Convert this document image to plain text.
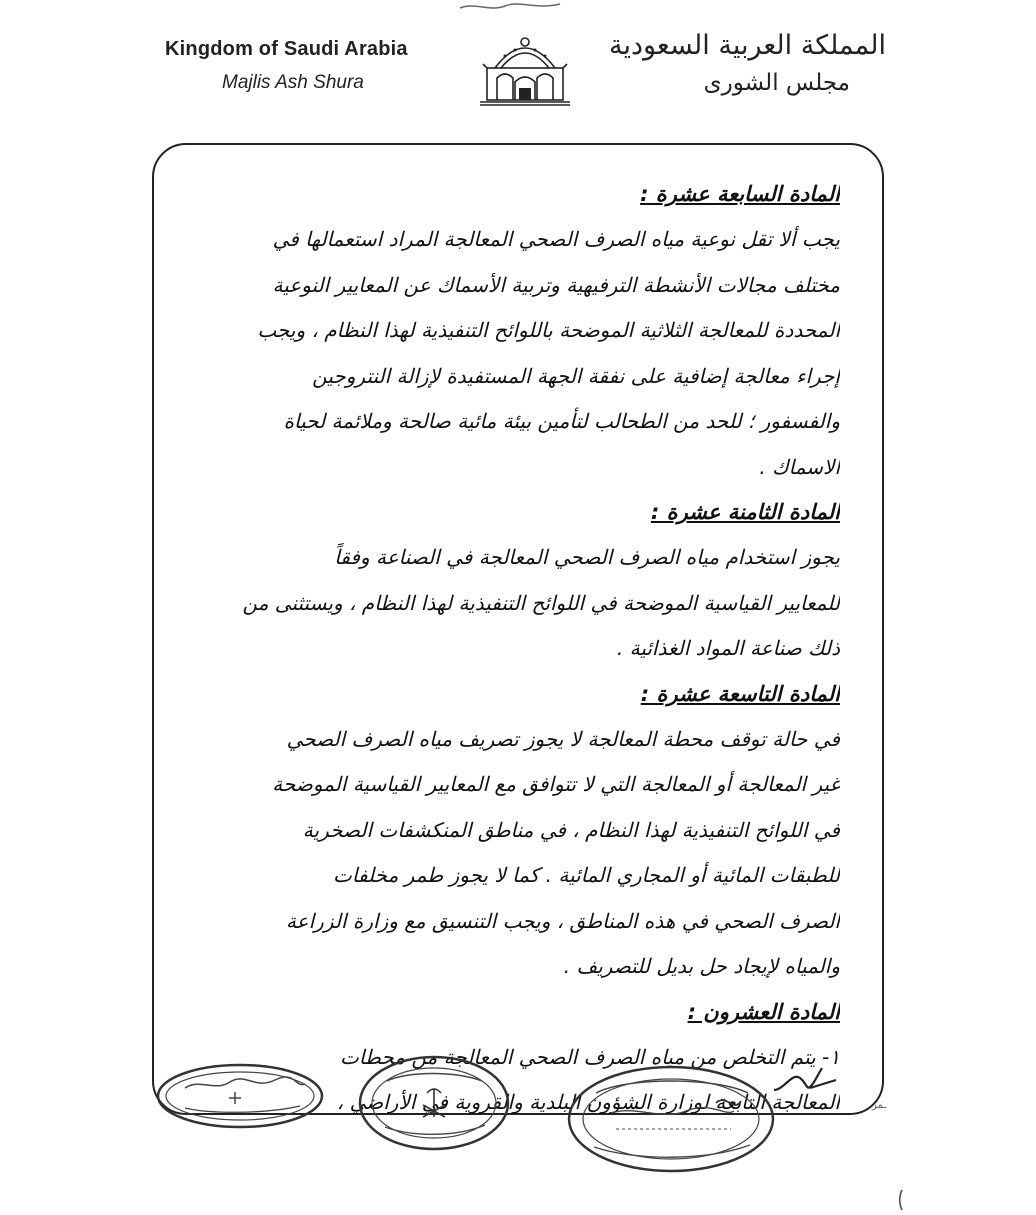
Kingdom of Saudi Arabia
Majlis Ash Shura
المملكة العربية السعودية
مجلس الشورى
المادة السابعة عشرة :
يجب ألا تقل نوعية مياه الصرف الصحي المعالجة المراد استعمالها في
مختلف مجالات الأنشطة الترفيهية وتربية الأسماك عن المعايير النوعية
المحددة للمعالجة الثلاثية الموضحة باللوائح التنفيذية لهذا النظام ، ويجب
إجراء معالجة إضافية على نفقة الجهة المستفيدة لإزالة النتروجين
والفسفور ؛ للحد من الطحالب لتأمين بيئة مائية صالحة وملائمة لحياة
الاسماك .
المادة الثامنة عشرة :
يجوز استخدام مياه الصرف الصحي المعالجة في الصناعة وفقاً
للمعايير القياسية الموضحة في اللوائح التنفيذية لهذا النظام ، ويستثنى من
ذلك صناعة المواد الغذائية .
المادة التاسعة عشرة :
في حالة توقف محطة المعالجة لا يجوز تصريف مياه الصرف الصحي
غير المعالجة أو المعالجة التي لا تتوافق مع المعايير القياسية الموضحة
في اللوائح التنفيذية لهذا النظام ، في مناطق المنكشفات الصخرية
للطبقات المائية أو المجاري المائية . كما لا يجوز طمر مخلفات
الصرف الصحي في هذه المناطق ، ويجب التنسيق مع وزارة الزراعة
والمياه لإيجاد حل بديل للتصريف .
المادة العشرون :
١- يتم التخلص من مياه الصرف الصحي المعالجة من محطات
المعالجة التابعة لوزارة الشؤون البلدية والقروية في الأراضي ،	ـمر
